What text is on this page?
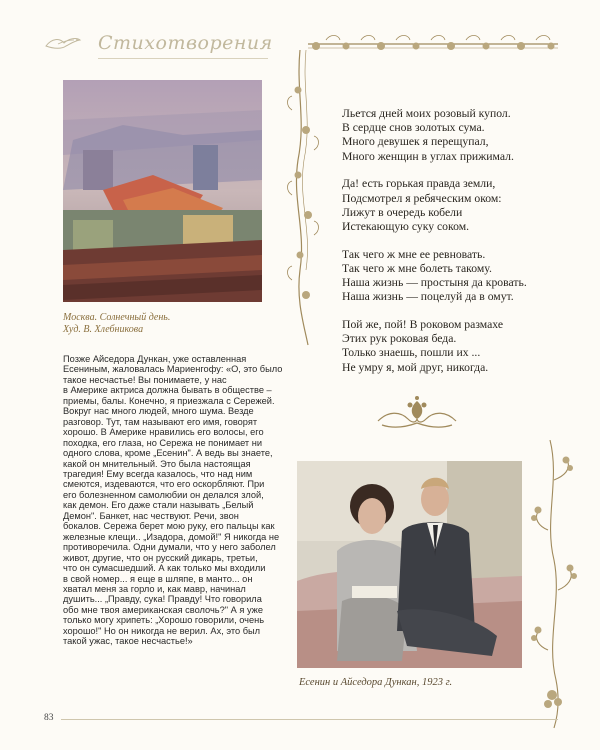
Стихотворения
Москва. Солнечный день.
Худ. В. Хлебникова
Позже Айседора Дункан, уже оставленная
Есениным, жаловалась Мариенгофу: «О, это было
такое несчастье! Вы понимаете, у нас
в Америке актриса должна бывать в обществе –
приемы, балы. Конечно, я приезжала с Сережей.
Вокруг нас много людей, много шума. Везде
разговор. Тут, там называют его имя, говорят
хорошо. В Америке нравились его волосы, его
походка, его глаза, но Сережа не понимает ни
одного слова, кроме „Есенин". А ведь вы знаете,
какой он мнительный. Это была настоящая
трагедия! Ему всегда казалось, что над ним
смеются, издеваются, что его оскорбляют. При
его болезненном самолюбии он делался злой,
как демон. Его даже стали называть „Белый
Демон". Банкет, нас чествуют. Речи, звон
бокалов. Сережа берет мою руку, его пальцы как
железные клещи.. „Изадора, домой!" Я никогда не
противоречила. Одни думали, что у него заболел
живот, другие, что он русский дикарь, третьи,
что он сумасшедший. А как только мы входили
в свой номер... я еще в шляпе, в манто... он
хватал меня за горло и, как мавр, начинал
душить... „Правду, сука! Правду! Что говорила
обо мне твоя американская сволочь?" А я уже
только могу хрипеть: „Хорошо говорили, очень
хорошо!" Но он никогда не верил. Ах, это был
такой ужас, такое несчастье!»
Льется дней моих розовый купол.
В сердце снов золотых сума.
Много девушек я перещупал,
Много женщин в углах прижимал.
Да! есть горькая правда земли,
Подсмотрел я ребяческим оком:
Лижут в очередь кобели
Истекающую суку соком.
Так чего ж мне ее ревновать.
Так чего ж мне болеть такому.
Наша жизнь — простыня да кровать.
Наша жизнь — поцелуй да в омут.
Пой же, пой! В роковом размахе
Этих рук роковая беда.
Только знаешь, пошли их ...
Не умру я, мой друг, никогда.
Есенин и Айседора Дункан, 1923 г.
83
